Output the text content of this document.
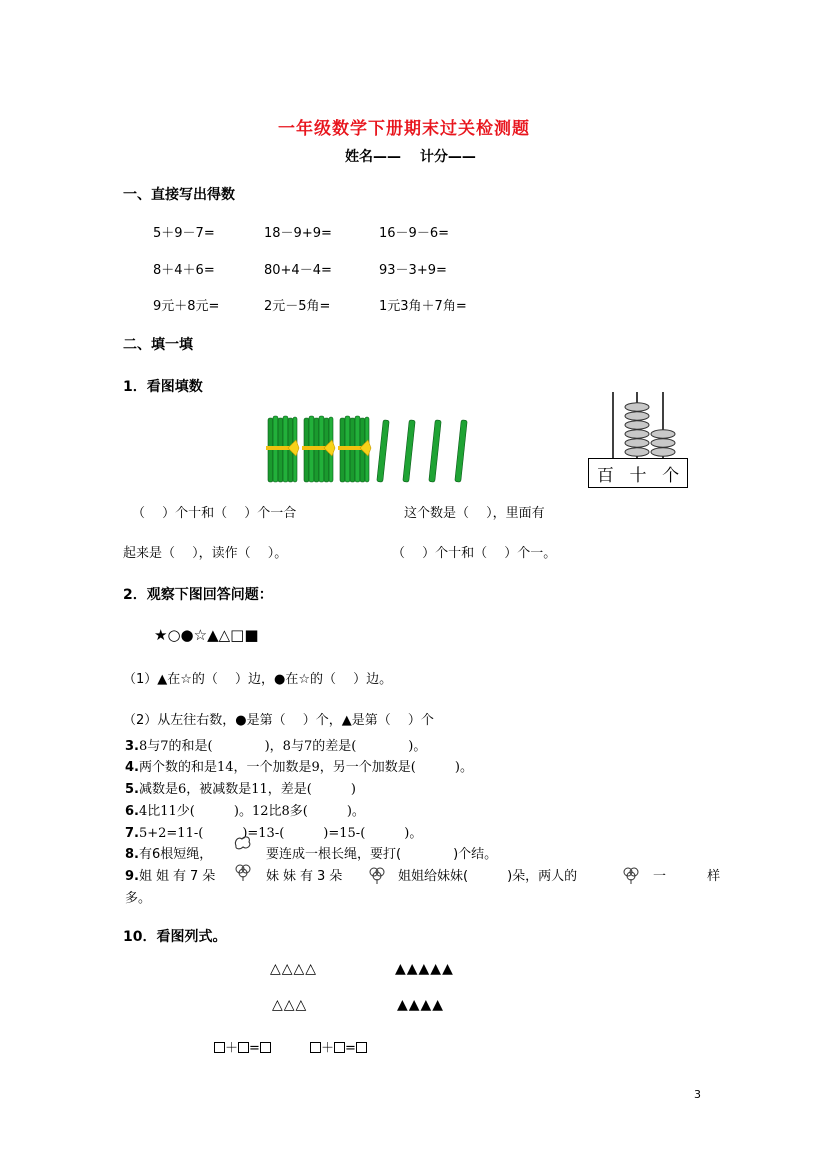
一年级数学下册期末过关检测题
姓名——　 计分——
一、直接写出得数
5＋9－7=	18－9+9=	16－9－6=
8＋4＋6=	80+4－4=	93－3+9=
9元＋8元=	2元－5角=	1元3角＋7角=
二、填一填
1．看图填数
百 十 个
（　 ）个十和（　 ）个一合	这个数是（　 ），里面有
起来是（　 ），读作（　 ）。	（　 ）个十和（　 ）个一。
2．观察下图回答问题：
★○●☆▲△□■
（1）▲在☆的（　 ）边，●在☆的（　 ）边。
（2）从左往右数，●是第（　 ）个，▲是第（　 ）个
3.8与7的和是(　　　　)，8与7的差是(　　　　)。
4.两个数的和是14，一个加数是9，另一个加数是(　　　)。
5.减数是6，被减数是11，差是(　　　)
6.4比11少(　　　)。12比8多(　　　)。
7.5+2=11-(　　　)=13-(　　　)=15-(　　　)。
8.有6根短绳，	要连成一根长绳，要打(　　　　)个结。
9.姐姐有7朵	妹妹有3朵	姐姐给妹妹(　　　)朵，两人的	一　 样
多。
10．看图列式。
△△△△	▲▲▲▲▲
△△△	▲▲▲▲
＋ =	＋ =
3
